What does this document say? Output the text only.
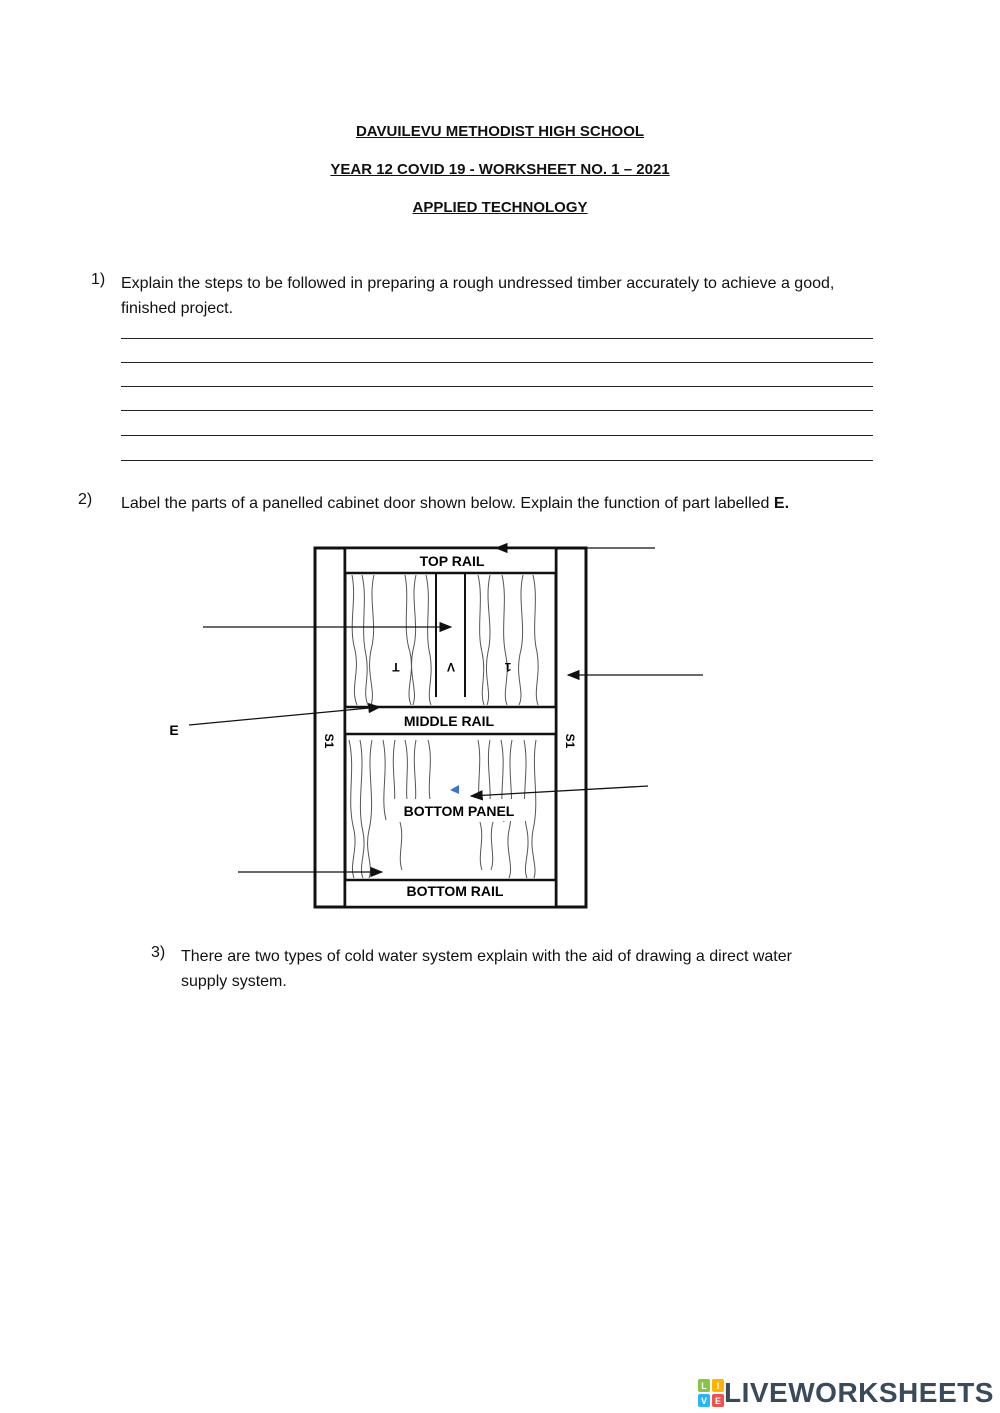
DAVUILEVU METHODIST HIGH SCHOOL
YEAR 12 COVID 19 - WORKSHEET NO. 1 – 2021
APPLIED TECHNOLOGY
1) Explain the steps to be followed in preparing a rough undressed timber accurately to achieve a good,
finished project.
2) Label the parts of a panelled cabinet door shown below. Explain the function of part labelled E.
T	V	1
TOP RAIL
MIDDLE RAIL
BOTTOM PANEL
BOTTOM RAIL
S1	S1
E
3) There are two types of cold water system explain with the aid of drawing a direct water
supply system.
L I
V E LIVEWORKSHEETS
